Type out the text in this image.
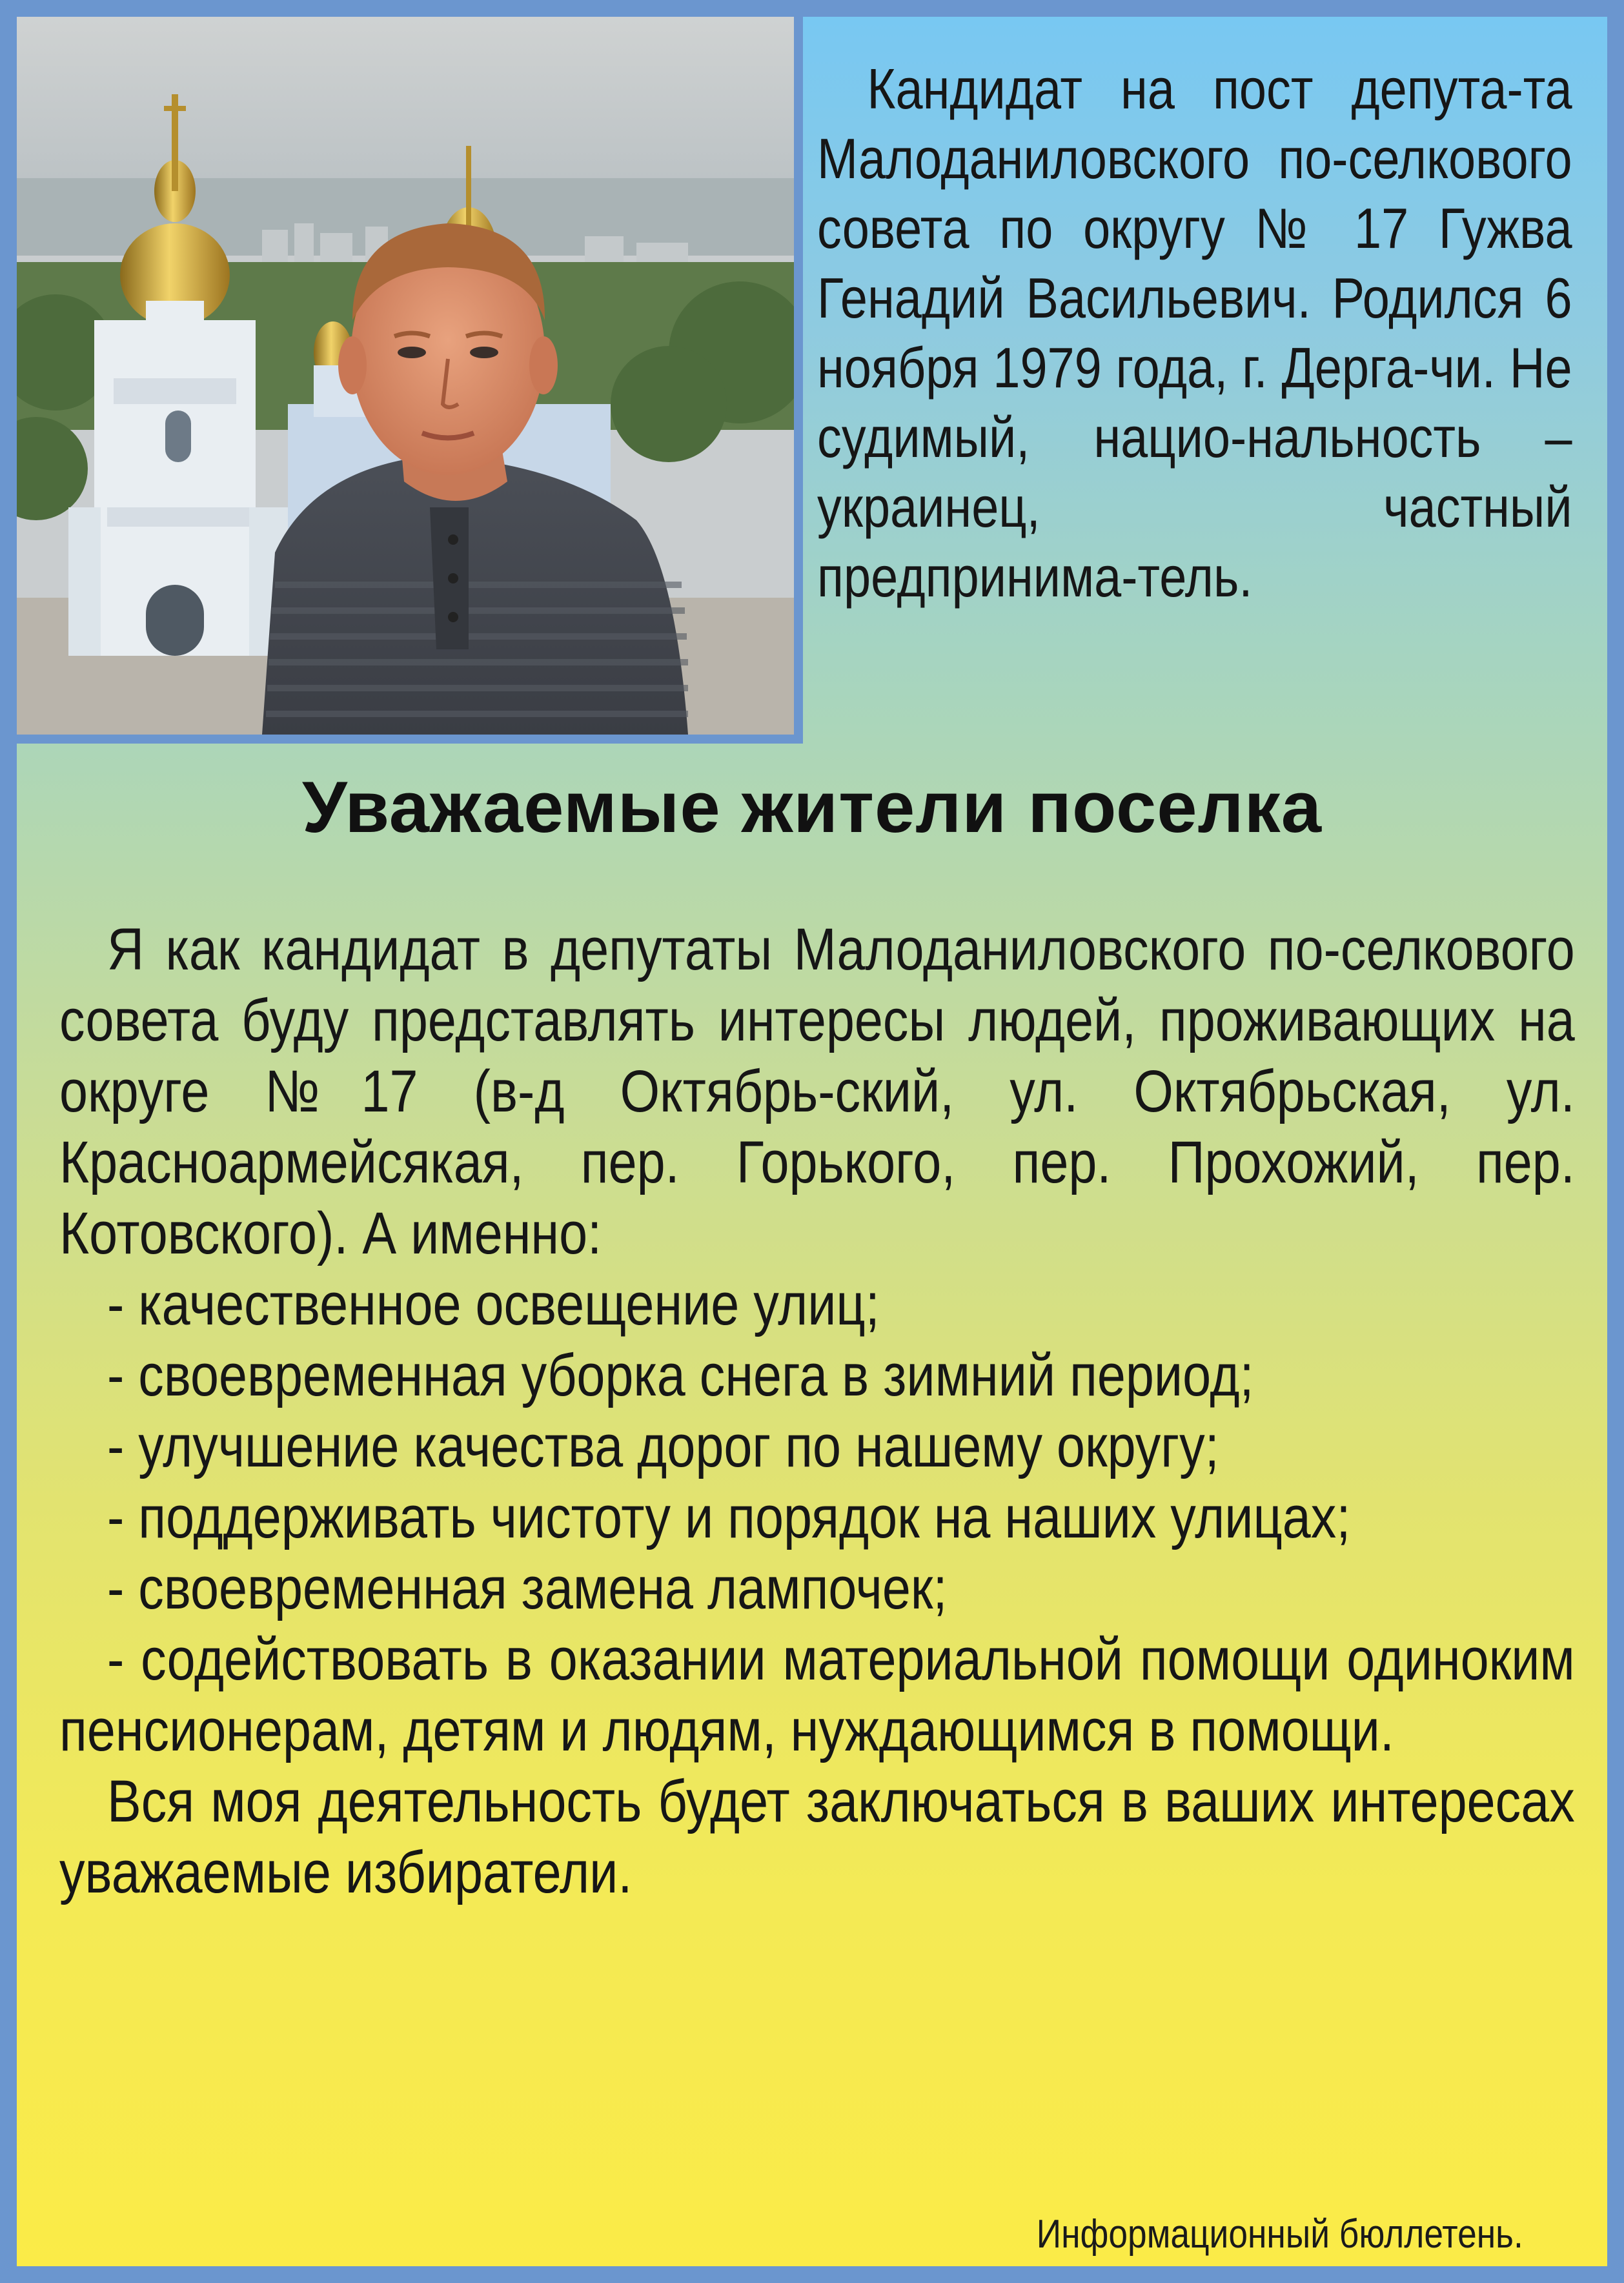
Кандидат на пост депута-та Малоданиловского по-селкового совета по округу № 17 Гужва Генадий Васильевич. Родился 6 ноября 1979 года, г. Дерга-чи. Не судимый, нацио-нальность – украинец, частный предпринима-тель.
Уважаемые жители поселка

Я как кандидат в депутаты Малоданиловского по-селкового совета буду представлять интересы людей, проживающих на округе №17 (в-д Октябрь-ский, ул. Октябрьская, ул. Красноармейсякая, пер. Горького, пер. Прохожий, пер. Котовского). А именно:

- качественное освещение улиц;

- своевременная уборка снега в зимний период;

- улучшение качества дорог по нашему округу;

- поддерживать чистоту и порядок на наших улицах;

- своевременная замена лампочек;

- содействовать в оказании материальной помощи одиноким пенсионерам, детям и людям, нуждающимся в помощи.

Вся моя деятельность будет заключаться в ваших интересах уважаемые избиратели.

Информационный бюллетень.
